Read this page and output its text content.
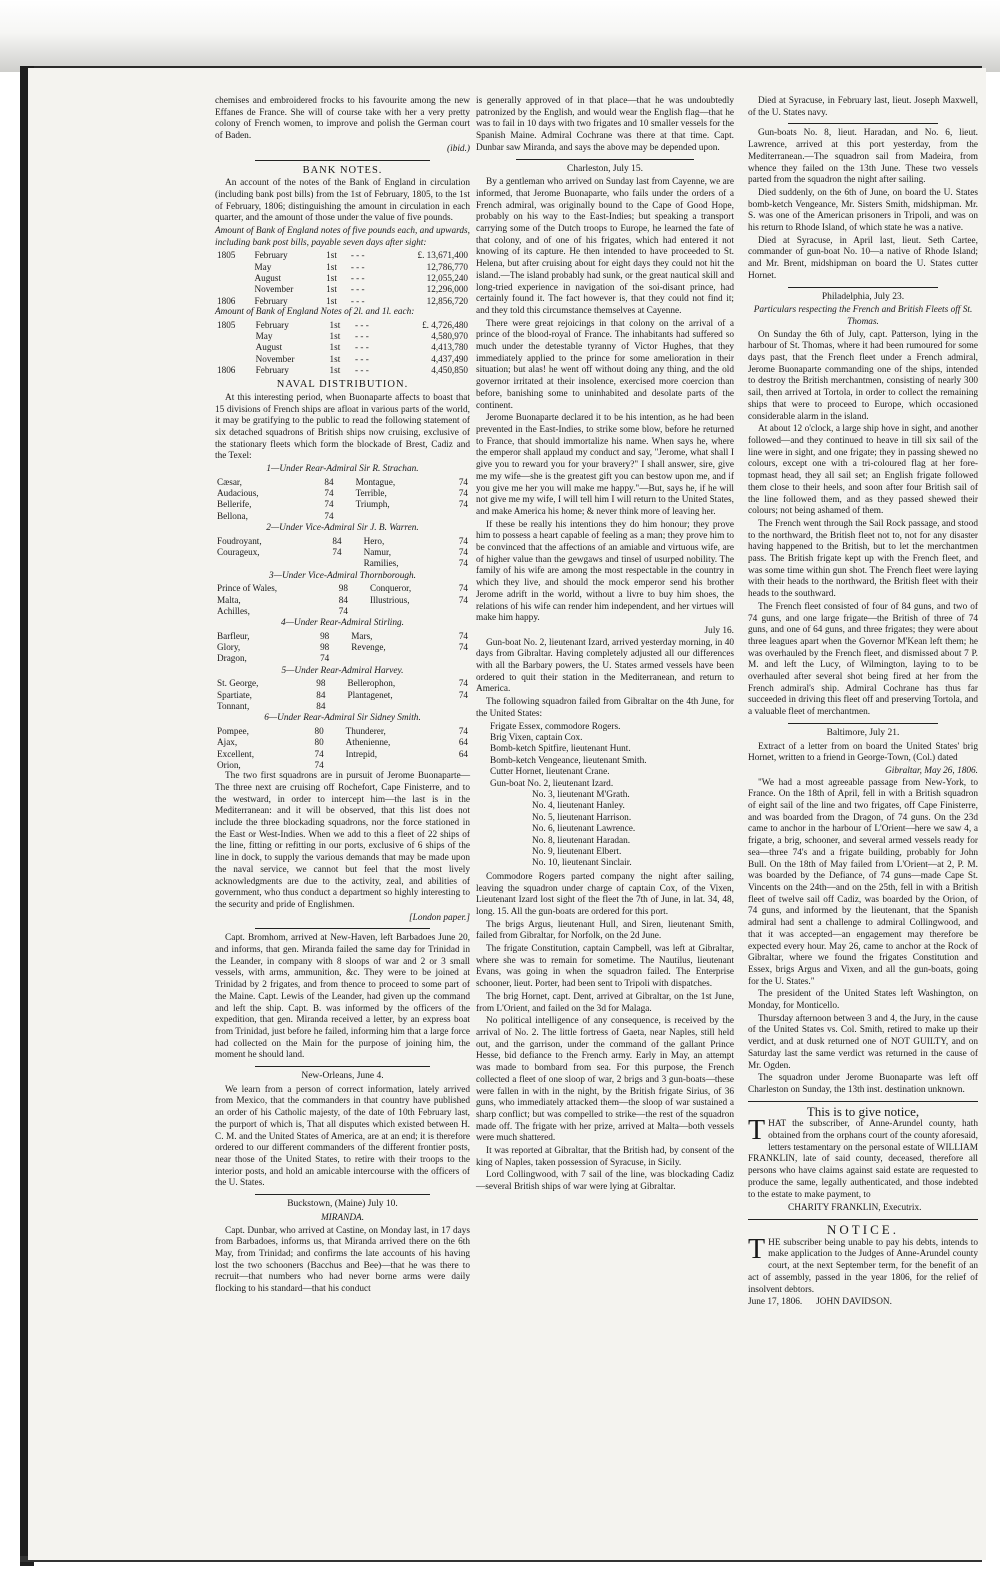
chemises and embroidered frocks to his favourite among the new Effanes de France. She will of course take with her a very pretty colony of French women, to improve and polish the German court of Baden.

(ibid.)
BANK NOTES.

An account of the notes of the Bank of England in circulation (including bank post bills) from the 1st of February, 1805, to the 1st of February, 1806; distinguishing the amount in circulation in each quarter, and the amount of those under the value of five pounds.

Amount of Bank of England notes of five pounds each, and upwards, including bank post bills, payable seven days after sight:

1805	February	1st	- - -	£. 13,671,400
	May	1st	- - -	12,786,770
	August	1st	- - -	12,055,240
	November	1st	- - -	12,296,000
1806	February	1st	- - -	12,856,720

Amount of Bank of England Notes of 2l. and 1l. each:

1805	February	1st	- - -	£. 4,726,480
	May	1st	- - -	4,580,970
	August	1st	- - -	4,413,780
	November	1st	- - -	4,437,490
1806	February	1st	- - -	4,450,850
NAVAL DISTRIBUTION.

At this interesting period, when Buonaparte affects to boast that 15 divisions of French ships are afloat in various parts of the world, it may be gratifying to the public to read the following statement of six detached squadrons of British ships now cruising, exclusive of the stationary fleets which form the blockade of Brest, Cadiz and the Texel:

1—Under Rear-Admiral Sir R. Strachan.
Cæsar,	84		Montague,	74
Audacious,	74		Terrible,	74
Bellerife,	74		Triumph,	74
Bellona,	74			
2—Under Vice-Admiral Sir J. B. Warren.
Foudroyant,	84		Hero,	74
Courageux,	74		Namur,	74
			Ramilies,	74
3—Under Vice-Admiral Thornborough.
Prince of Wales,	98		Conqueror,	74
Malta,	84		Illustrious,	74
Achilles,	74			
4—Under Rear-Admiral Stirling.
Barfleur,	98		Mars,	74
Glory,	98		Revenge,	74
Dragon,	74			
5—Under Rear-Admiral Harvey.
St. George,	98		Bellerophon,	74
Spartiate,	84		Plantagenet,	74
Tonnant,	84			
6—Under Rear-Admiral Sir Sidney Smith.
Pompee,	80		Thunderer,	74
Ajax,	80		Athenienne,	64
Excellent,	74		Intrepid,	64
Orion,	74			

The two first squadrons are in pursuit of Jerome Buonaparte—The three next are cruising off Rochefort, Cape Finisterre, and to the westward, in order to intercept him—the last is in the Mediterranean: and it will be observed, that this list does not include the three blockading squadrons, nor the force stationed in the East or West-Indies. When we add to this a fleet of 22 ships of the line, fitting or refitting in our ports, exclusive of 6 ships of the line in dock, to supply the various demands that may be made upon the naval service, we cannot but feel that the most lively acknowledgments are due to the activity, zeal, and abilities of government, who thus conduct a department so highly interesting to the security and pride of Englishmen.

[London paper.]

Capt. Bromhom, arrived at New-Haven, left Barbadoes June 20, and informs, that gen. Miranda failed the same day for Trinidad in the Leander, in company with 8 sloops of war and 2 or 3 small vessels, with arms, ammunition, &c. They were to be joined at Trinidad by 2 frigates, and from thence to proceed to some part of the Maine. Capt. Lewis of the Leander, had given up the command and left the ship. Capt. B. was informed by the officers of the expedition, that gen. Miranda received a letter, by an express boat from Trinidad, just before he failed, informing him that a large force had collected on the Main for the purpose of joining him, the moment he should land.

New-Orleans, June 4.

We learn from a person of correct information, lately arrived from Mexico, that the commanders in that country have published an order of his Catholic majesty, of the date of 10th February last, the purport of which is, That all disputes which existed between H. C. M. and the United States of America, are at an end; it is therefore ordered to our different commanders of the different frontier posts, near those of the United States, to retire with their troops to the interior posts, and hold an amicable intercourse with the officers of the U. States.

Buckstown, (Maine) July 10.
MIRANDA.

Capt. Dunbar, who arrived at Castine, on Monday last, in 17 days from Barbadoes, informs us, that Miranda arrived there on the 6th May, from Trinidad; and confirms the late accounts of his having lost the two schooners (Bacchus and Bee)—that he was there to recruit—that numbers who had never borne arms were daily flocking to his standard—that his conduct

is generally approved of in that place—that he was undoubtedly patronized by the English, and would wear the English flag—that he was to fail in 10 days with two frigates and 10 smaller vessels for the Spanish Maine. Admiral Cochrane was there at that time. Capt. Dunbar saw Miranda, and says the above may be depended upon.

Charleston, July 15.

By a gentleman who arrived on Sunday last from Cayenne, we are informed, that Jerome Buonaparte, who fails under the orders of a French admiral, was originally bound to the Cape of Good Hope, probably on his way to the East-Indies; but speaking a transport carrying some of the Dutch troops to Europe, he learned the fate of that colony, and of one of his frigates, which had entered it not knowing of its capture. He then intended to have proceeded to St. Helena, but after cruising about for eight days they could not hit the island.—The island probably had sunk, or the great nautical skill and long-tried experience in navigation of the soi-disant prince, had certainly found it. The fact however is, that they could not find it; and they told this circumstance themselves at Cayenne.

There were great rejoicings in that colony on the arrival of a prince of the blood-royal of France. The inhabitants had suffered so much under the detestable tyranny of Victor Hughes, that they immediately applied to the prince for some amelioration in their situation; but alas! he went off without doing any thing, and the old governor irritated at their insolence, exercised more coercion than before, banishing some to uninhabited and desolate parts of the continent.

Jerome Buonaparte declared it to be his intention, as he had been prevented in the East-Indies, to strike some blow, before he returned to France, that should immortalize his name. When says he, where the emperor shall applaud my conduct and say, "Jerome, what shall I give you to reward you for your bravery?" I shall answer, sire, give me my wife—she is the greatest gift you can bestow upon me, and if you give me her you will make me happy."—But, says he, if he will not give me my wife, I will tell him I will return to the United States, and make America his home; & never think more of leaving her.

If these be really his intentions they do him honour; they prove him to possess a heart capable of feeling as a man; they prove him to be convinced that the affections of an amiable and virtuous wife, are of higher value than the gewgaws and tinsel of usurped nobility. The family of his wife are among the most respectable in the country in which they live, and should the mock emperor send his brother Jerome adrift in the world, without a livre to buy him shoes, the relations of his wife can render him independent, and her virtues will make him happy.

July 16.

Gun-boat No. 2, lieutenant Izard, arrived yesterday morning, in 40 days from Gibraltar. Having completely adjusted all our differences with all the Barbary powers, the U. States armed vessels have been ordered to quit their station in the Mediterranean, and return to America.

The following squadron failed from Gibraltar on the 4th June, for the United States:

Frigate Essex, commodore Rogers.
Brig Vixen, captain Cox.
Bomb-ketch Spitfire, lieutenant Hunt.
Bomb-ketch Vengeance, lieutenant Smith.
Cutter Hornet, lieutenant Crane.
Gun-boat No. 2, lieutenant Izard.
No. 3, lieutenant M'Grath.
No. 4, lieutenant Hanley.
No. 5, lieutenant Harrison.
No. 6, lieutenant Lawrence.
No. 8, lieutenant Haradan.
No. 9, lieutenant Elbert.
No. 10, lieutenant Sinclair.

Commodore Rogers parted company the night after sailing, leaving the squadron under charge of captain Cox, of the Vixen, Lieutenant Izard lost sight of the fleet the 7th of June, in lat. 34, 48, long. 15. All the gun-boats are ordered for this port.

The brigs Argus, lieutenant Hull, and Siren, lieutenant Smith, failed from Gibraltar, for Norfolk, on the 2d June.

The frigate Constitution, captain Campbell, was left at Gibraltar, where she was to remain for sometime. The Nautilus, lieutenant Evans, was going in when the squadron failed. The Enterprise schooner, lieut. Porter, had been sent to Tripoli with dispatches.

The brig Hornet, capt. Dent, arrived at Gibraltar, on the 1st June, from L'Orient, and failed on the 3d for Malaga.

No political intelligence of any consequence, is received by the arrival of No. 2. The little fortress of Gaeta, near Naples, still held out, and the garrison, under the command of the gallant Prince Hesse, bid defiance to the French army. Early in May, an attempt was made to bombard from sea. For this purpose, the French collected a fleet of one sloop of war, 2 brigs and 3 gun-boats—these were fallen in with in the night, by the British frigate Sirius, of 36 guns, who immediately attacked them—the sloop of war sustained a sharp conflict; but was compelled to strike—the rest of the squadron made off. The frigate with her prize, arrived at Malta—both vessels were much shattered.

It was reported at Gibraltar, that the British had, by consent of the king of Naples, taken possession of Syracuse, in Sicily.

Lord Collingwood, with 7 sail of the line, was blockading Cadiz—several British ships of war were lying at Gibraltar.

Died at Syracuse, in February last, lieut. Joseph Maxwell, of the U. States navy.

Gun-boats No. 8, lieut. Haradan, and No. 6, lieut. Lawrence, arrived at this port yesterday, from the Mediterranean.—The squadron sail from Madeira, from whence they failed on the 13th June. These two vessels parted from the squadron the night after sailing.

Died suddenly, on the 6th of June, on board the U. States bomb-ketch Vengeance, Mr. Sisters Smith, midshipman. Mr. S. was one of the American prisoners in Tripoli, and was on his return to Rhode Island, of which state he was a native.

Died at Syracuse, in April last, lieut. Seth Cartee, commander of gun-boat No. 10—a native of Rhode Island; and Mr. Brent, midshipman on board the U. States cutter Hornet.

Philadelphia, July 23.
Particulars respecting the French and British Fleets off St. Thomas.

On Sunday the 6th of July, capt. Patterson, lying in the harbour of St. Thomas, where it had been rumoured for some days past, that the French fleet under a French admiral, Jerome Buonaparte commanding one of the ships, intended to destroy the British merchantmen, consisting of nearly 300 sail, then arrived at Tortola, in order to collect the remaining ships that were to proceed to Europe, which occasioned considerable alarm in the island.

At about 12 o'clock, a large ship hove in sight, and another followed—and they continued to heave in till six sail of the line were in sight, and one frigate; they in passing shewed no colours, except one with a tri-coloured flag at her fore-topmast head, they all sail set; an English frigate followed them close to their heels, and soon after four British sail of the line followed them, and as they passed shewed their colours; not being ashamed of them.

The French went through the Sail Rock passage, and stood to the northward, the British fleet not to, not for any disaster having happened to the British, but to let the merchantmen pass. The British frigate kept up with the French fleet, and was some time within gun shot. The French fleet were laying with their heads to the northward, the British fleet with their heads to the southward.

The French fleet consisted of four of 84 guns, and two of 74 guns, and one large frigate—the British of three of 74 guns, and one of 64 guns, and three frigates; they were about three leagues apart when the Governor M'Kean left them; he was overhauled by the French fleet, and dismissed about 7 P. M. and left the Lucy, of Wilmington, laying to to be overhauled after several shot being fired at her from the French admiral's ship. Admiral Cochrane has thus far succeeded in driving this fleet off and preserving Tortola, and a valuable fleet of merchantmen.

Baltimore, July 21.

Extract of a letter from on board the United States' brig Hornet, written to a friend in George-Town, (Col.) dated

Gibraltar, May 26, 1806.

"We had a most agreeable passage from New-York, to France. On the 18th of April, fell in with a British squadron of eight sail of the line and two frigates, off Cape Finisterre, and was boarded from the Dragon, of 74 guns. On the 23d came to anchor in the harbour of L'Orient—here we saw 4, a frigate, a brig, schooner, and several armed vessels ready for sea—three 74's and a frigate building, probably for John Bull. On the 18th of May failed from L'Orient—at 2, P. M. was boarded by the Defiance, of 74 guns—made Cape St. Vincents on the 24th—and on the 25th, fell in with a British fleet of twelve sail off Cadiz, was boarded by the Orion, of 74 guns, and informed by the lieutenant, that the Spanish admiral had sent a challenge to admiral Collingwood, and that it was accepted—an engagement may therefore be expected every hour. May 26, came to anchor at the Rock of Gibraltar, where we found the frigates Constitution and Essex, brigs Argus and Vixen, and all the gun-boats, going for the U. States."

The president of the United States left Washington, on Monday, for Monticello.

Thursday afternoon between 3 and 4, the Jury, in the cause of the United States vs. Col. Smith, retired to make up their verdict, and at dusk returned one of NOT GUILTY, and on Saturday last the same verdict was returned in the cause of Mr. Ogden.

The squadron under Jerome Buonaparte was left off Charleston on Sunday, the 13th inst. destination unknown.

This is to give notice,

THAT the subscriber, of Anne-Arundel county, hath obtained from the orphans court of the county aforesaid, letters testamentary on the personal estate of WILLIAM FRANKLIN, late of said county, deceased, therefore all persons who have claims against said estate are requested to produce the same, legally authenticated, and those indebted to the estate to make payment, to

CHARITY FRANKLIN, Executrix.
NOTICE.

THE subscriber being unable to pay his debts, intends to make application to the Judges of Anne-Arundel county court, at the next September term, for the benefit of an act of assembly, passed in the year 1806, for the relief of insolvent debtors.

June 17, 1806. JOHN DAVIDSON.
